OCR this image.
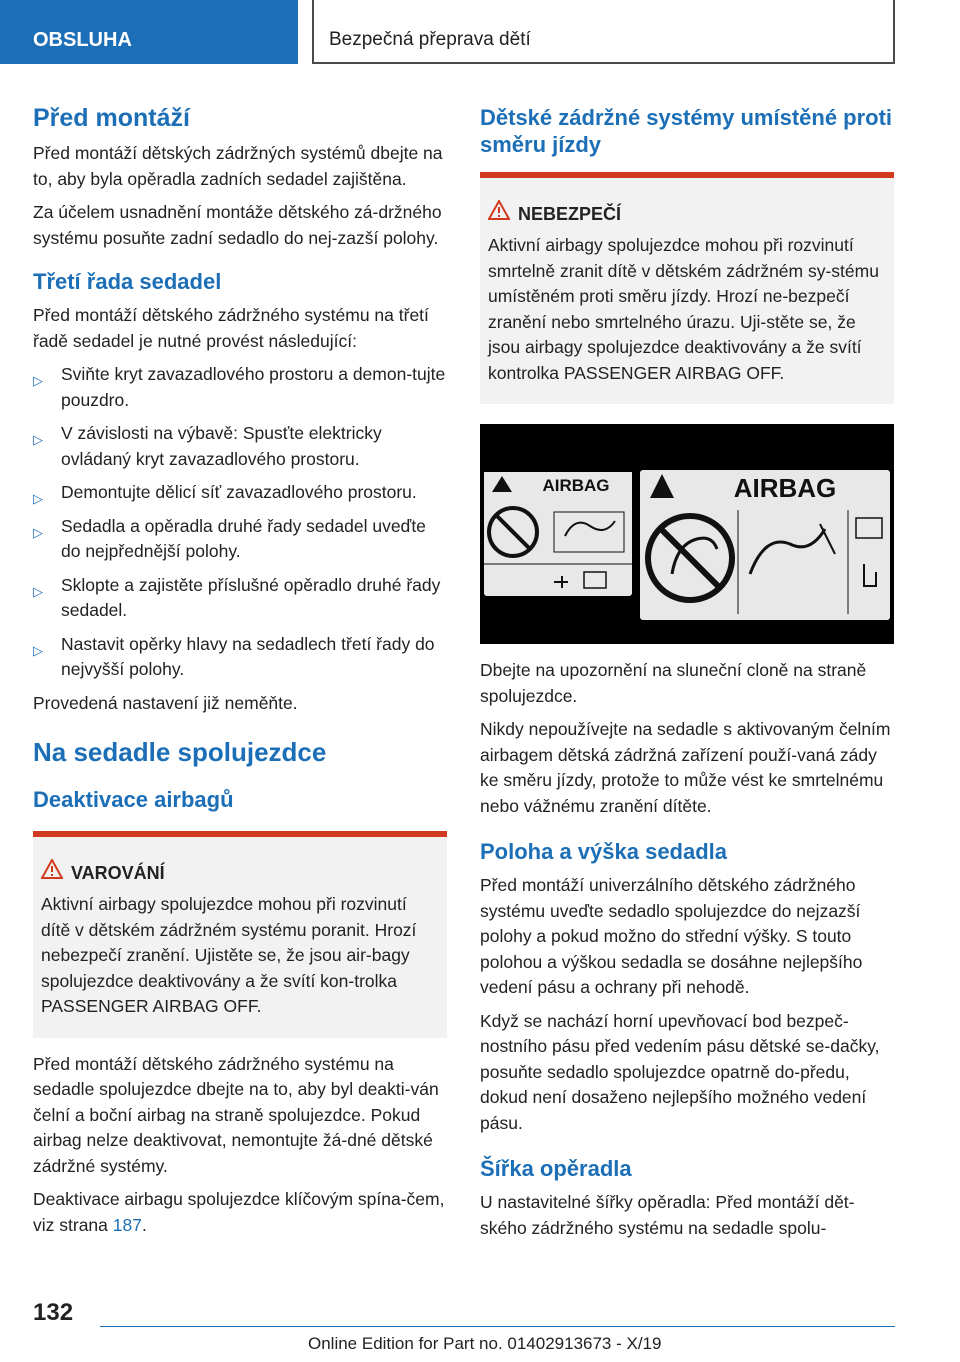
OBSLUHA	Bezpečná přeprava dětí
Před montáží

Před montáží dětských zádržných systémů dbejte na to, aby byla opěradla zadních sedadel zajištěna.

Za účelem usnadnění montáže dětského zá-držného systému posuňte zadní sedadlo do nej-zazší polohy.

Třetí řada sedadel

Před montáží dětského zádržného systému na třetí řadě sedadel je nutné provést následující:

▷ Sviňte kryt zavazadlového prostoru a demon-tujte pouzdro.
▷ V závislosti na výbavě: Spusťte elektricky ovládaný kryt zavazadlového prostoru.
▷ Demontujte dělicí síť zavazadlového prostoru.
▷ Sedadla a opěradla druhé řady sedadel uveďte do nejpřednější polohy.
▷ Sklopte a zajistěte příslušné opěradlo druhé řady sedadel.
▷ Nastavit opěrky hlavy na sedadlech třetí řady do nejvyšší polohy.

Provedená nastavení již neměňte.

Na sedadle spolujezdce
Deaktivace airbagů
VAROVÁNÍ

Aktivní airbagy spolujezdce mohou při rozvinutí dítě v dětském zádržném systému poranit. Hrozí nebezpečí zranění. Ujistěte se, že jsou air-bagy spolujezdce deaktivovány a že svítí kon-trolka PASSENGER AIRBAG OFF.

Před montáží dětského zádržného systému na sedadle spolujezdce dbejte na to, aby byl deakti-ván čelní a boční airbag na straně spolujezdce. Pokud airbag nelze deaktivovat, nemontujte žá-dné dětské zádržné systémy.

Deaktivace airbagu spolujezdce klíčovým spína-čem, viz strana 187.

Dětské zádržné systémy umístěné proti směru jízdy
NEBEZPEČÍ

Aktivní airbagy spolujezdce mohou při rozvinutí smrtelně zranit dítě v dětském zádržném sy-stému umístěném proti směru jízdy. Hrozí ne-bezpečí zranění nebo smrtelného úrazu. Uji-stěte se, že jsou airbagy spolujezdce deaktivovány a že svítí kontrolka PASSENGER AIRBAG OFF.

AIRBAG	AIRBAG

Dbejte na upozornění na sluneční cloně na straně spolujezdce.

Nikdy nepoužívejte na sedadle s aktivovaným čelním airbagem dětská zádržná zařízení použí-vaná zády ke směru jízdy, protože to může vést ke smrtelnému nebo vážnému zranění dítěte.

Poloha a výška sedadla

Před montáží univerzálního dětského zádržného systému uveďte sedadlo spolujezdce do nejzazší polohy a pokud možno do střední výšky. S touto polohou a výškou sedadla se dosáhne nejlepšího vedení pásu a ochrany při nehodě.

Když se nachází horní upevňovací bod bezpeč-nostního pásu před vedením pásu dětské se-dačky, posuňte sedadlo spolujezdce opatrně do-předu, dokud není dosaženo nejlepšího možného vedení pásu.

Šířka opěradla

U nastavitelné šířky opěradla: Před montáží dět-ského zádržného systému na sedadle spolu-

132
Online Edition for Part no. 01402913673 - X/19
